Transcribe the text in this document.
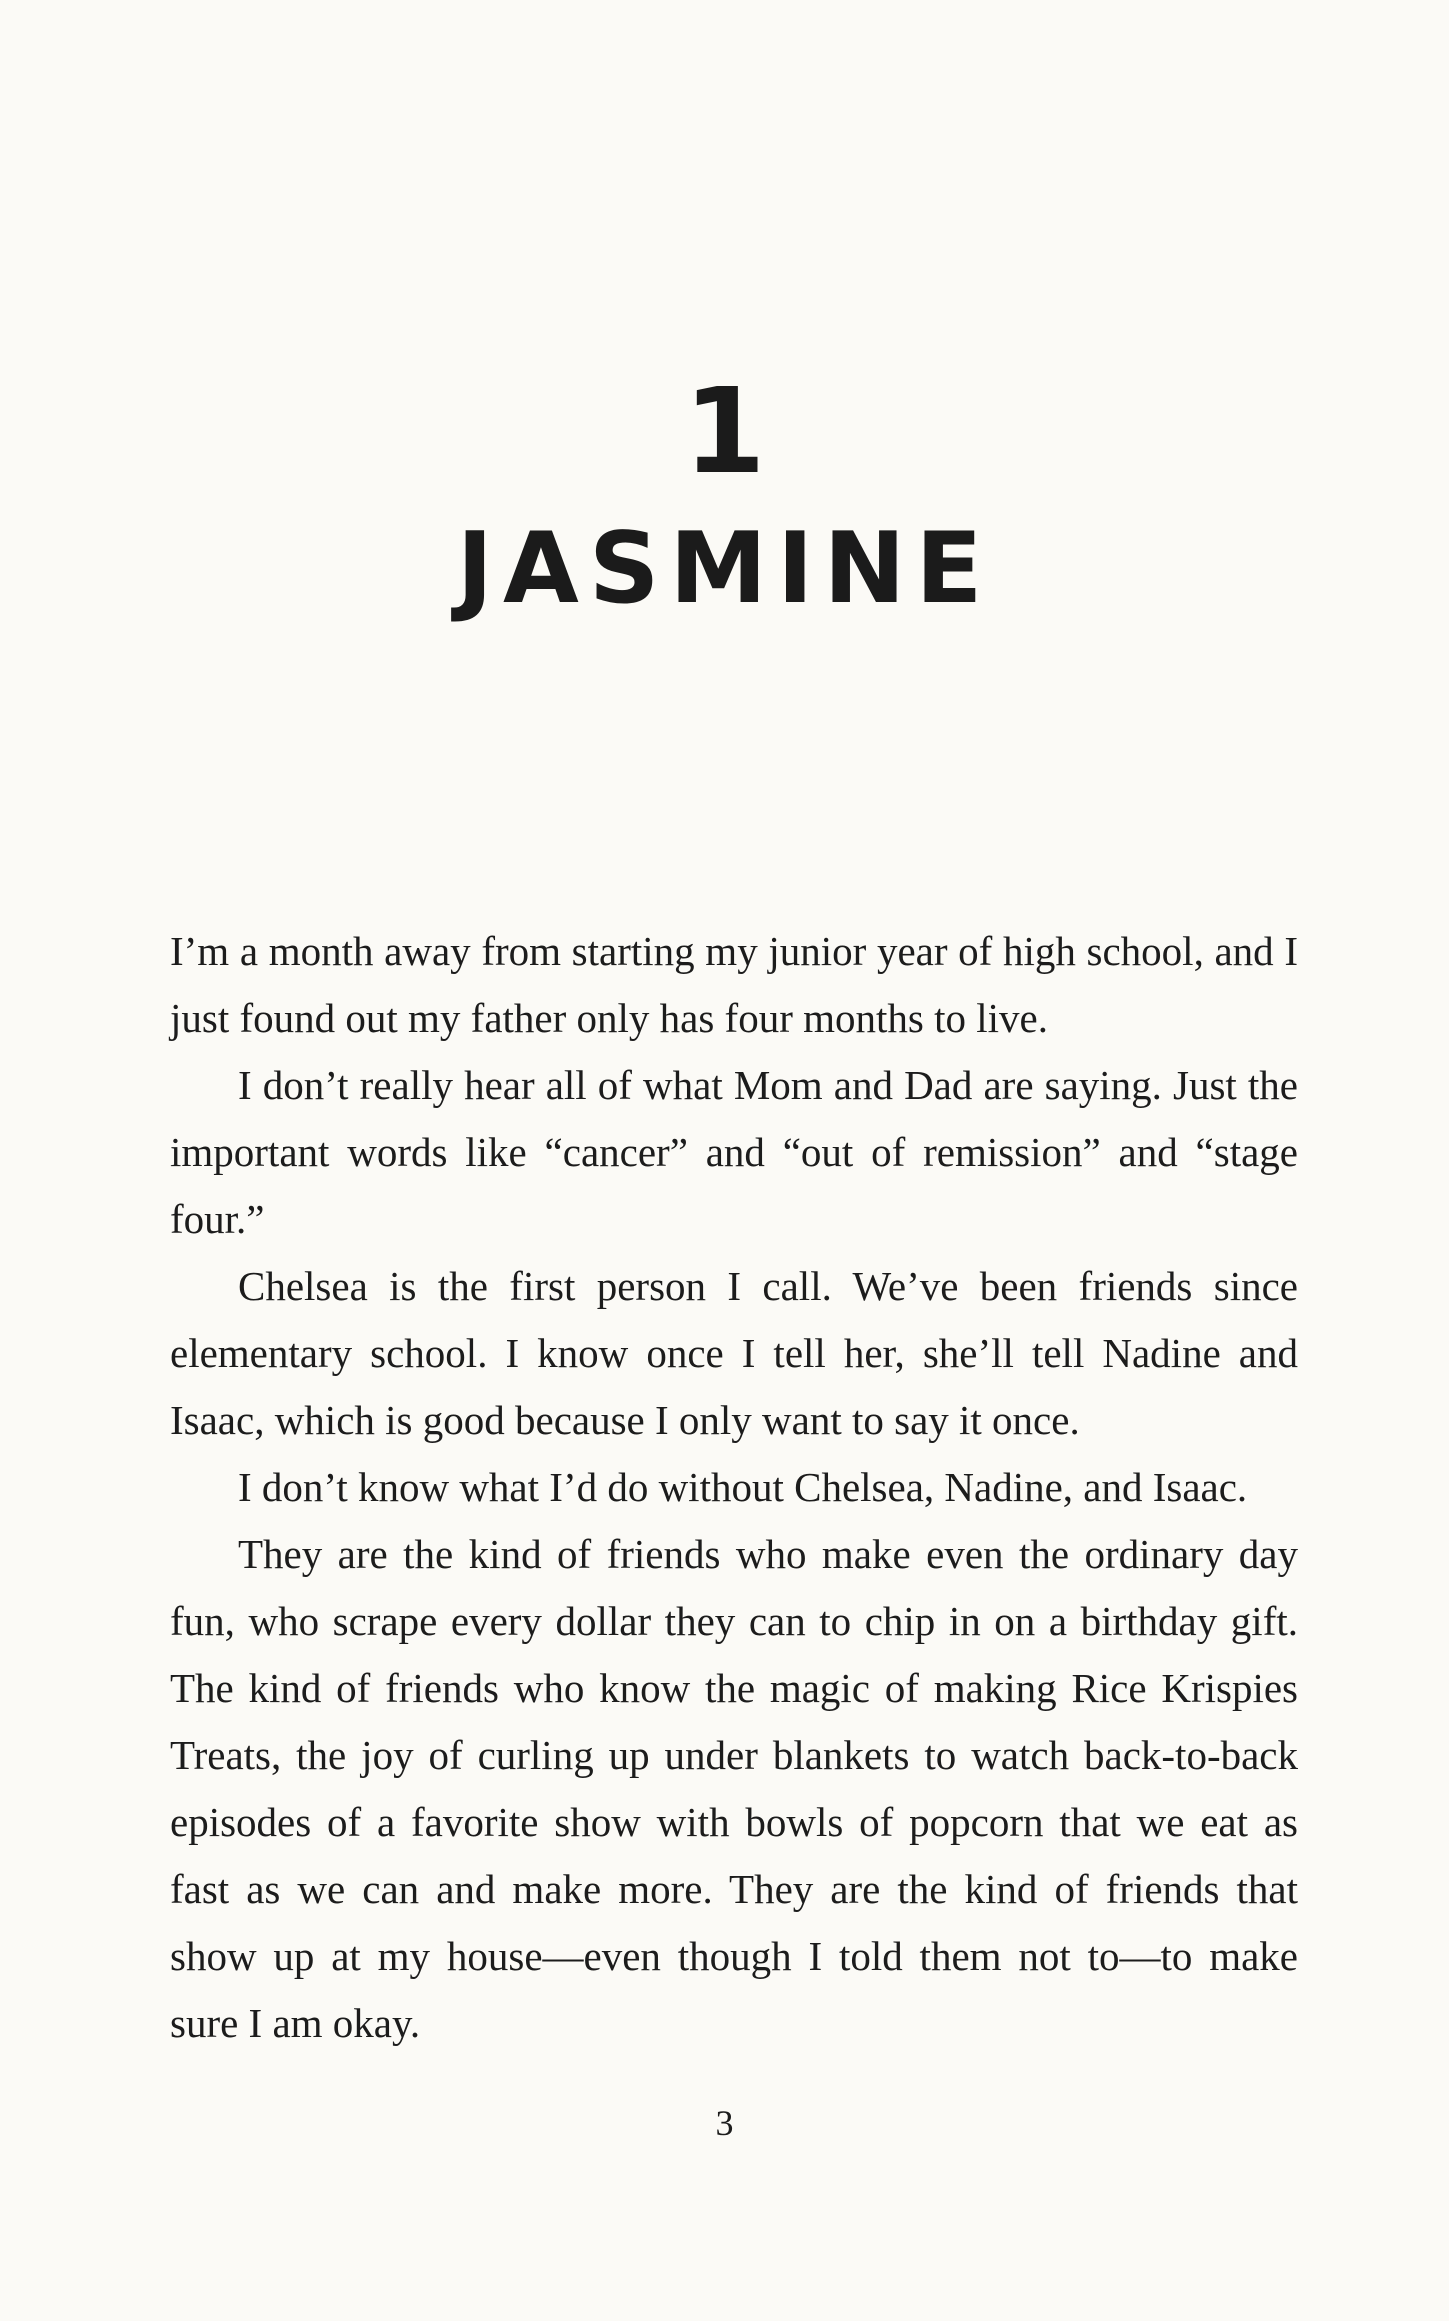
1
JASMINE

I’m a month away from starting my junior year of high school, and I just found out my father only has four months to live.

I don’t really hear all of what Mom and Dad are saying. Just the important words like “cancer” and “out of remission” and “stage four.”

Chelsea is the first person I call. We’ve been friends since elementary school. I know once I tell her, she’ll tell Nadine and Isaac, which is good because I only want to say it once.

I don’t know what I’d do without Chelsea, Nadine, and Isaac.

They are the kind of friends who make even the ordinary day fun, who scrape every dollar they can to chip in on a birthday gift. The kind of friends who know the magic of making Rice Krispies Treats, the joy of curling up under blankets to watch back-to-back episodes of a favorite show with bowls of popcorn that we eat as fast as we can and make more. They are the kind of friends that show up at my house—even though I told them not to—to make sure I am okay.

3
